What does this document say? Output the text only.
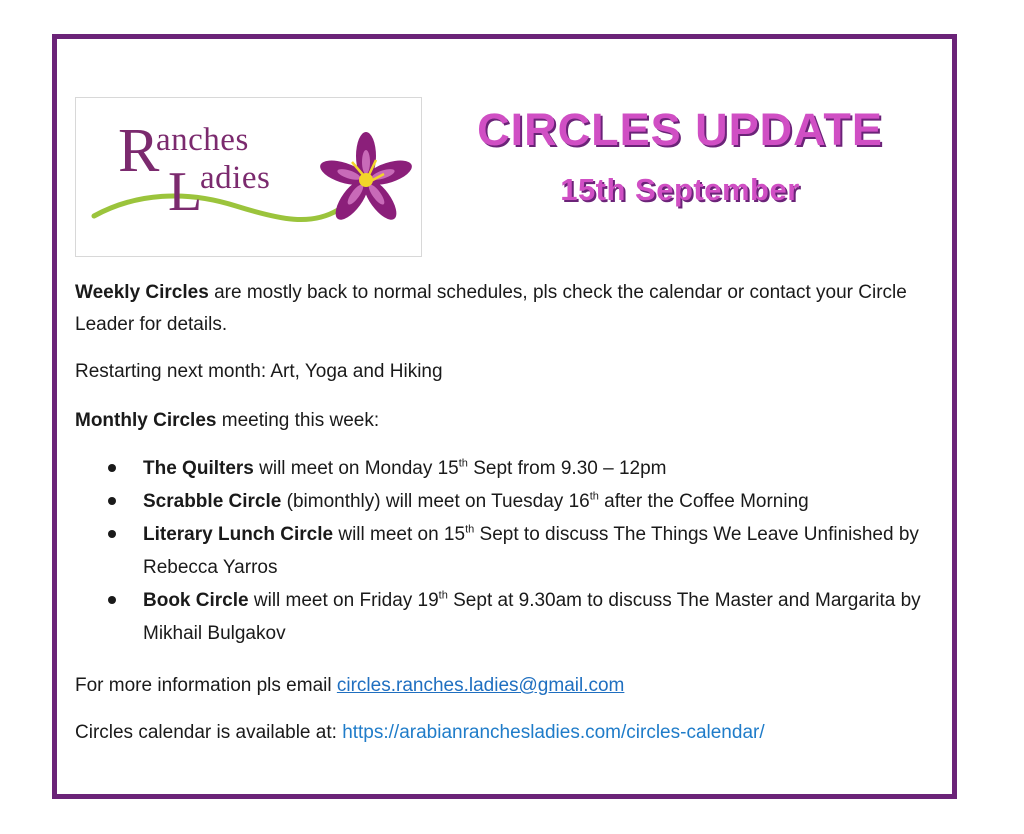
R
anches
L
adies
CIRCLES UPDATE
15th September
Weekly Circles are mostly back to normal schedules, pls check the calendar or contact your Circle Leader for details.
Restarting next month: Art, Yoga and Hiking
Monthly Circles meeting this week:
The Quilters will meet on Monday 15th Sept from 9.30 – 12pm
Scrabble Circle (bimonthly) will meet on Tuesday 16th after the Coffee Morning
Literary Lunch Circle will meet on 15th Sept to discuss The Things We Leave Unfinished by Rebecca Yarros
Book Circle will meet on Friday 19th Sept at 9.30am to discuss The Master and Margarita by Mikhail Bulgakov
For more information pls email circles.ranches.ladies@gmail.com
Circles calendar is available at: https://arabianranchesladies.com/circles-calendar/
